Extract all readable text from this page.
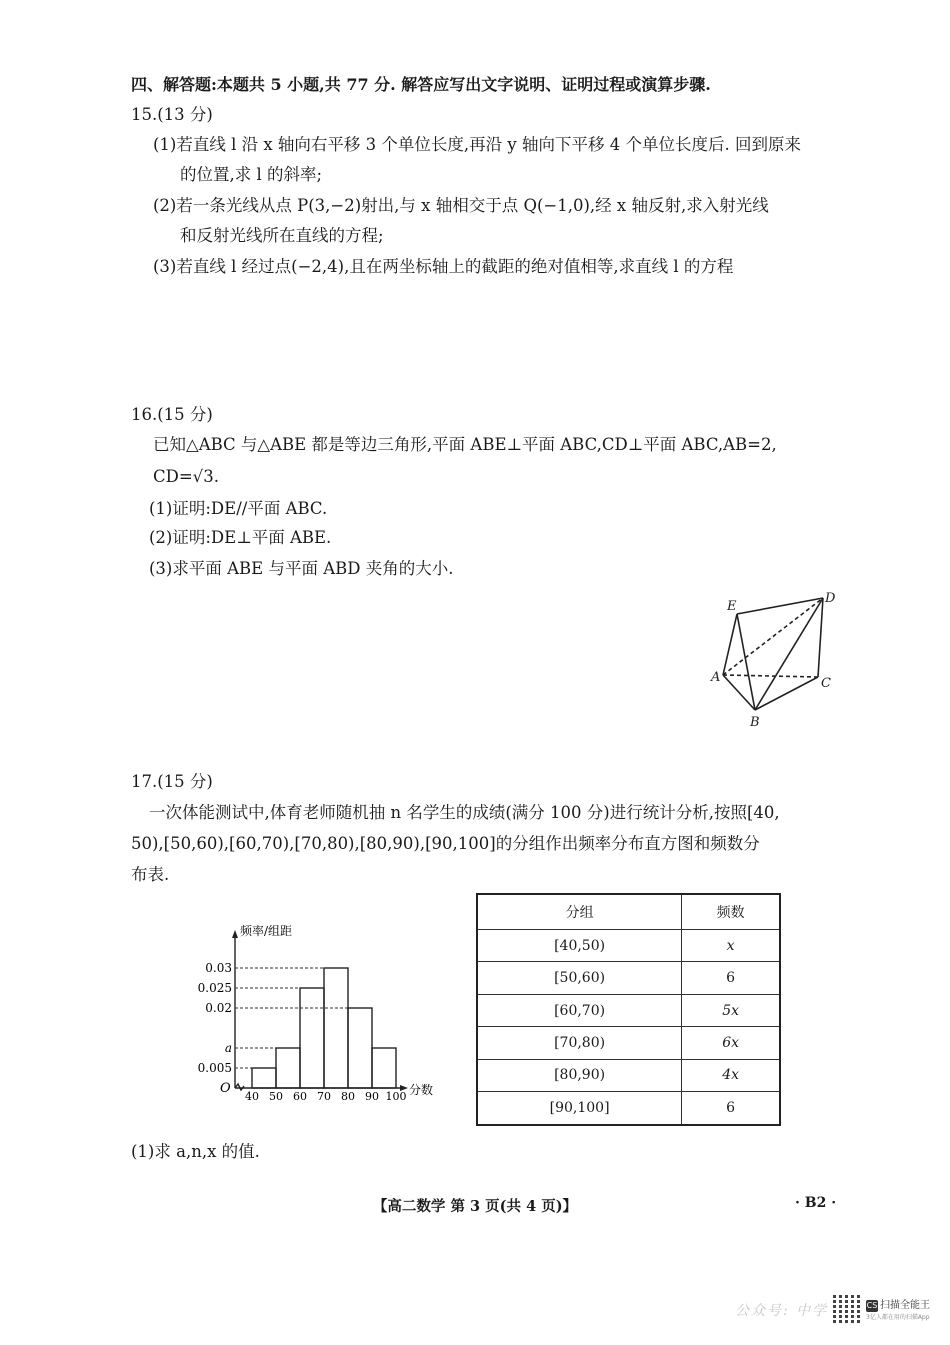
四、解答题:本题共 5 小题,共 77 分. 解答应写出文字说明、证明过程或演算步骤.
15.(13 分)
(1)若直线 l 沿 x 轴向右平移 3 个单位长度,再沿 y 轴向下平移 4 个单位长度后. 回到原来
的位置,求 l 的斜率;
(2)若一条光线从点 P(3,−2)射出,与 x 轴相交于点 Q(−1,0),经 x 轴反射,求入射光线
和反射光线所在直线的方程;
(3)若直线 l 经过点(−2,4),且在两坐标轴上的截距的绝对值相等,求直线 l 的方程
16.(15 分)
已知△ABC 与△ABE 都是等边三角形,平面 ABE⊥平面 ABC,CD⊥平面 ABC,AB=2,
CD=√3.
(1)证明:DE//平面 ABC.
(2)证明:DE⊥平面 ABE.
(3)求平面 ABE 与平面 ABD 夹角的大小.
E
D
A	C
B
17.(15 分)
一次体能测试中,体育老师随机抽 n 名学生的成绩(满分 100 分)进行统计分析,按照[40,
50),[50,60),[60,70),[70,80),[80,90),[90,100]的分组作出频率分布直方图和频数分
布表.
频率/组距
分数
O
0.005
a
0.02
0.025
0.03
40 50 60 70 80 90 100
分组	频数
[40,50)	x
[50,60)	6
[60,70)	5x
[70,80)	6x
[80,90)	4x
[90,100]	6
(1)求 a,n,x 的值.
【高二数学 第 3 页(共 4 页)】	· B2 ·
公众号: 中学	CS 扫描全能王
3亿人都在用的扫描App
